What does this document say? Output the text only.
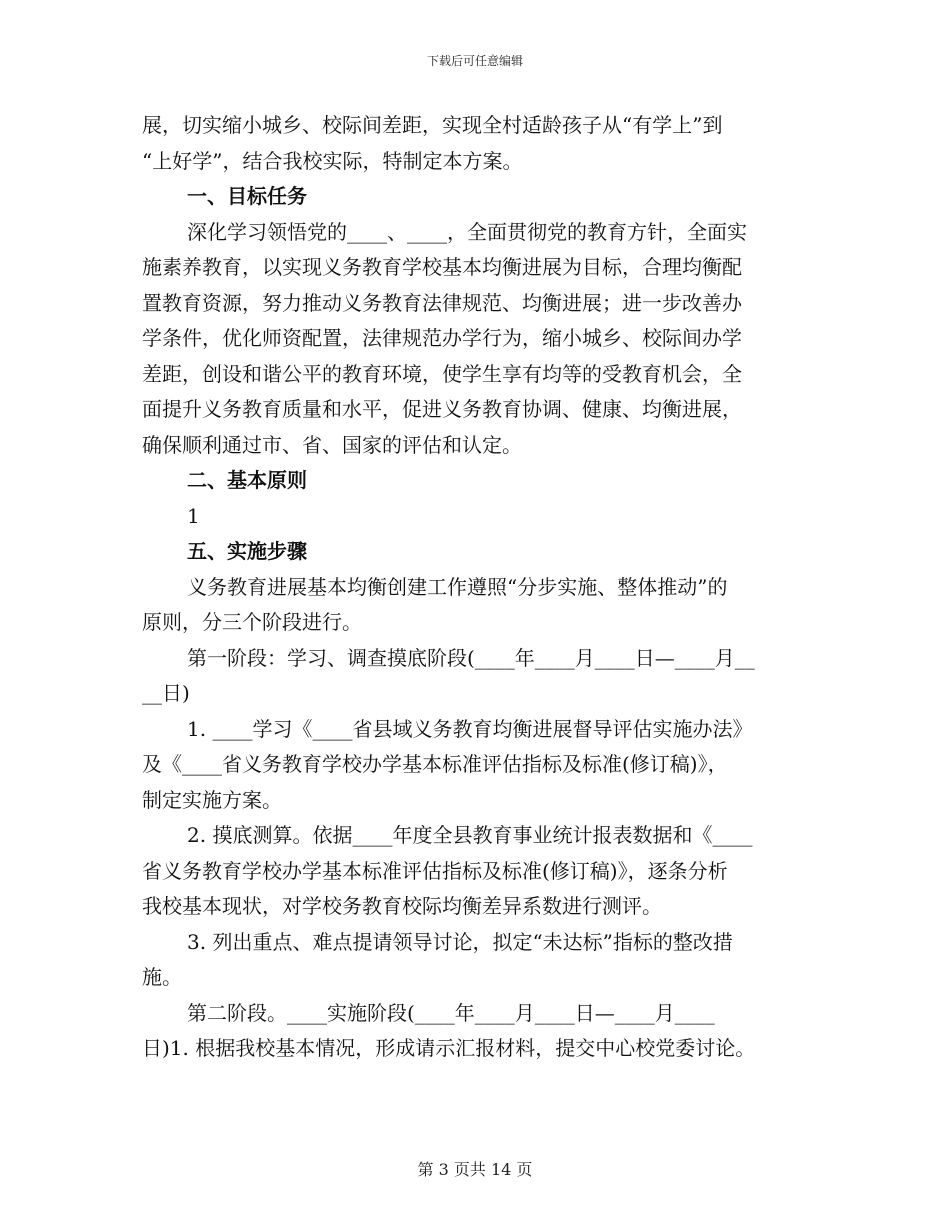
下载后可任意编辑
展，切实缩小城乡、校际间差距，实现全村适龄孩子从“有学上”到
“上好学”，结合我校实际，特制定本方案。
一、目标任务
深化学习领悟党的____、____，全面贯彻党的教育方针，全面实
施素养教育，以实现义务教育学校基本均衡进展为目标，合理均衡配
置教育资源，努力推动义务教育法律规范、均衡进展；进一步改善办
学条件，优化师资配置，法律规范办学行为，缩小城乡、校际间办学
差距，创设和谐公平的教育环境，使学生享有均等的受教育机会，全
面提升义务教育质量和水平，促进义务教育协调、健康、均衡进展，
确保顺利通过市、省、国家的评估和认定。
二、基本原则
1
五、实施步骤
义务教育进展基本均衡创建工作遵照“分步实施、整体推动”的
原则，分三个阶段进行。
第一阶段：学习、调查摸底阶段(____年____月____日—____月__
__日)
1. ____学习《____省县域义务教育均衡进展督导评估实施办法》
及《____省义务教育学校办学基本标准评估指标及标准(修订稿)》，
制定实施方案。
2. 摸底测算。依据____年度全县教育事业统计报表数据和《____
省义务教育学校办学基本标准评估指标及标准(修订稿)》，逐条分析
我校基本现状，对学校务教育校际均衡差异系数进行测评。
3. 列出重点、难点提请领导讨论，拟定“未达标”指标的整改措
施。
第二阶段。____实施阶段(____年____月____日—____月____
日)1. 根据我校基本情况，形成请示汇报材料，提交中心校党委讨论。
第 3 页共 14 页
